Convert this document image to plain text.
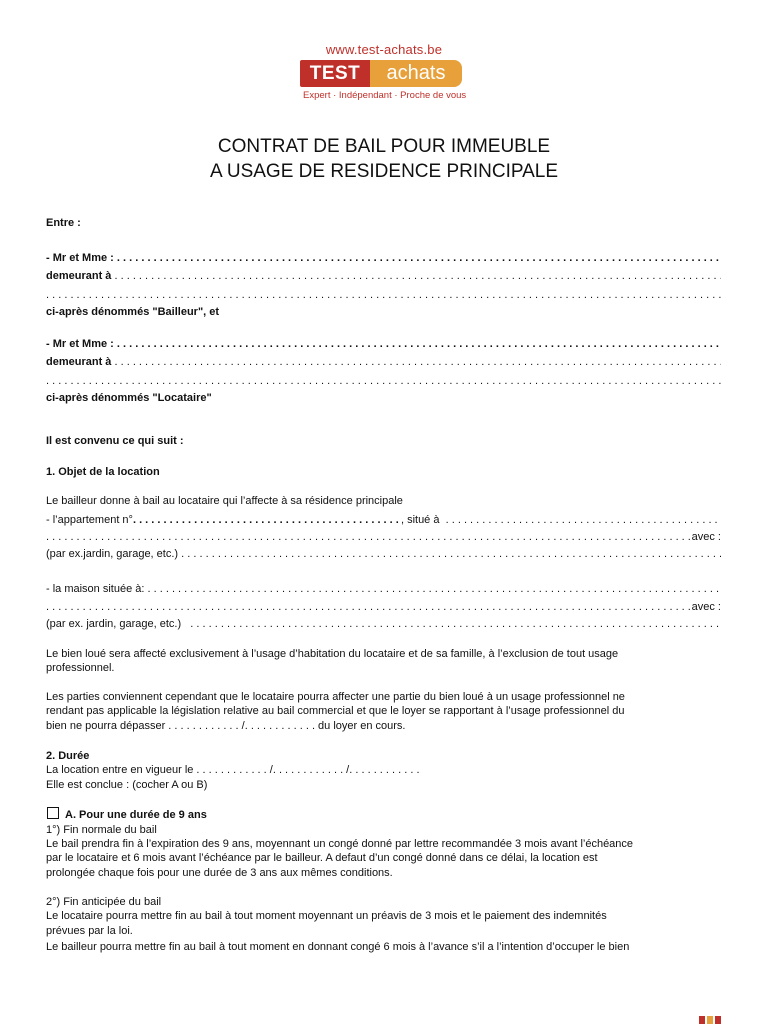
www.test-achats.be
TEST	achats
Expert · Indépendant · Proche de vous
CONTRAT DE BAIL POUR IMMEUBLE
A USAGE DE RESIDENCE PRINCIPALE
Entre :
- Mr et Mme :
. . .
demeurant à
. . .
. . .
ci-après dénommés "Bailleur", et
- Mr et Mme :
. . .
demeurant à
. . .
. . .
ci-après dénommés "Locataire"
Il est convenu ce qui suit :
1. Objet de la location
Le bailleur donne à bail au locataire qui l’affecte à sa résidence principale
- l’appartement n°
. . .	, situé à
. . .
. . .
avec :
(par ex.jardin, garage, etc.)
. . .
- la maison située à:
. . .
. . .
avec :
(par ex. jardin, garage, etc.)
. . .
Le bien loué sera affecté exclusivement à l’usage d’habitation du locataire et de sa famille, à l’exclusion de tout usage
professionnel.
Les parties conviennent cependant que le locataire pourra affecter une partie du bien loué à un usage professionnel ne
rendant pas applicable la législation relative au bail commercial et que le loyer se rapportant à l’usage professionnel du
bien ne pourra dépasser . . . . . . . . . . . . /. . . . . . . . . . . . du loyer en cours.
2. Durée
La location entre en vigueur le . . . . . . . . . . . . /. . . . . . . . . . . . /. . . . . . . . . . . .
Elle est conclue : (cocher A ou B)
A. Pour une durée de 9 ans
1°) Fin normale du bail
Le bail prendra fin à l’expiration des 9 ans, moyennant un congé donné par lettre recommandée 3 mois avant l’échéance
par le locataire et 6 mois avant l’échéance par le bailleur. A defaut d’un congé donné dans ce délai, la location est
prolongée chaque fois pour une durée de 3 ans aux mêmes conditions.
2°) Fin anticipée du bail
Le locataire pourra mettre fin au bail à tout moment moyennant un préavis de 3 mois et le paiement des indemnités
prévues par la loi.
Le bailleur pourra mettre fin au bail à tout moment en donnant congé 6 mois à l’avance s’il a l’intention d’occuper le bien
